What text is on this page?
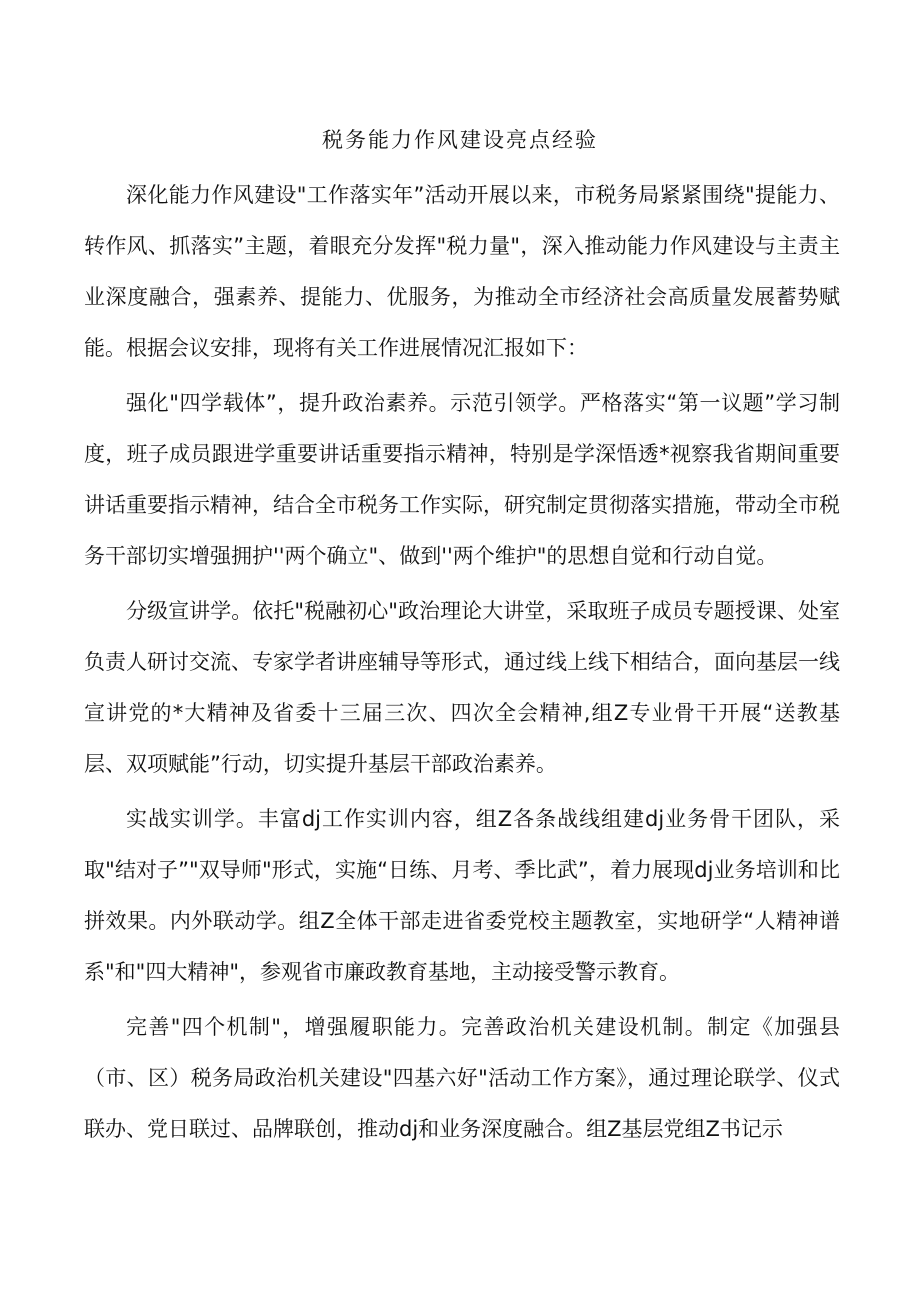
税务能力作风建设亮点经验

深化能力作风建设"工作落实年”活动开展以来，市税务局紧紧围绕"提能力、转作风、抓落实”主题，着眼充分发挥"税力量"，深入推动能力作风建设与主责主业深度融合，强素养、提能力、优服务，为推动全市经济社会高质量发展蓄势赋能。根据会议安排，现将有关工作进展情况汇报如下：

强化"四学载体”，提升政治素养。示范引领学。严格落实“第一议题”学习制度，班子成员跟进学重要讲话重要指示精神，特别是学深悟透*视察我省期间重要讲话重要指示精神，结合全市税务工作实际，研究制定贯彻落实措施，带动全市税务干部切实增强拥护''两个确立"、做到''两个维护"的思想自觉和行动自觉。

分级宣讲学。依托"税融初心"政治理论大讲堂，采取班子成员专题授课、处室负责人研讨交流、专家学者讲座辅导等形式，通过线上线下相结合，面向基层一线宣讲党的*大精神及省委十三届三次、四次全会精神,组Z专业骨干开展“送教基层、双项赋能”行动，切实提升基层干部政治素养。

实战实训学。丰富dj工作实训内容，组Z各条战线组建dj业务骨干团队，采取"结对子”"双导师"形式，实施“日练、月考、季比武”，着力展现dj业务培训和比拼效果。内外联动学。组Z全体干部走进省委党校主题教室，实地研学“人精神谱系"和"四大精神"，参观省市廉政教育基地，主动接受警示教育。

完善"四个机制"，增强履职能力。完善政治机关建设机制。制定《加强县（市、区）税务局政治机关建设"四基六好"活动工作方案》，通过理论联学、仪式联办、党日联过、品牌联创，推动dj和业务深度融合。组Z基层党组Z书记示
